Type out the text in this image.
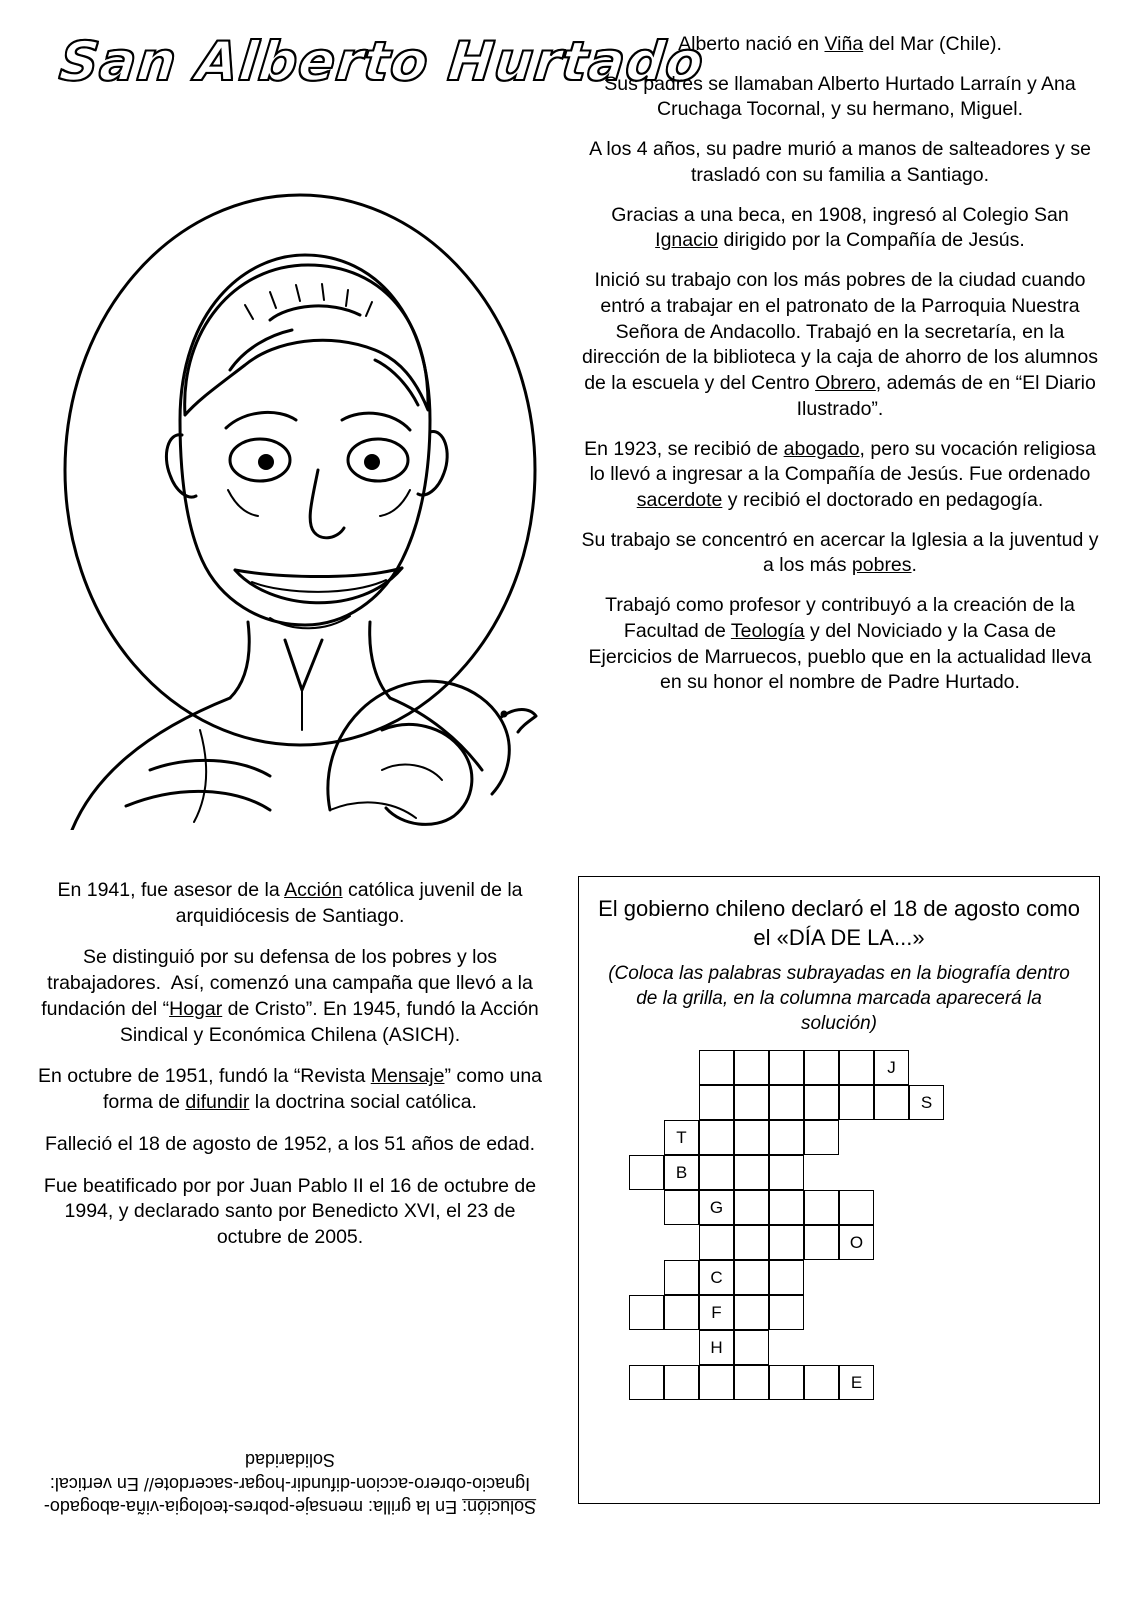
San Alberto Hurtado

Alberto nació en Viña del Mar (Chile).

Sus padres se llamaban Alberto Hurtado Larraín y Ana Cruchaga Tocornal, y su hermano, Miguel.

A los 4 años, su padre murió a manos de salteadores y se trasladó con su familia a Santiago.

Gracias a una beca, en 1908, ingresó al Colegio San Ignacio dirigido por la Compañía de Jesús.

Inició su trabajo con los más pobres de la ciudad cuando entró a trabajar en el patronato de la Parroquia Nuestra Señora de Andacollo. Trabajó en la secretaría, en la dirección de la biblioteca y la caja de ahorro de los alumnos de la escuela y del Centro Obrero, además de en “El Diario Ilustrado”.

En 1923, se recibió de abogado, pero su vocación religiosa lo llevó a ingresar a la Compañía de Jesús. Fue ordenado sacerdote y recibió el doctorado en pedagogía.

Su trabajo se concentró en acercar la Iglesia a la juventud y a los más pobres.

Trabajó como profesor y contribuyó a la creación de la Facultad de Teología y del Noviciado y la Casa de Ejercicios de Marruecos, pueblo que en la actualidad lleva en su honor el nombre de Padre Hurtado.

En 1941, fue asesor de la Acción católica juvenil de la arquidiócesis de Santiago.

Se distinguió por su defensa de los pobres y los trabajadores.  Así, comenzó una campaña que llevó a la fundación del “Hogar de Cristo”. En 1945, fundó la Acción Sindical y Económica Chilena (ASICH).

En octubre de 1951, fundó la “Revista Mensaje” como una forma de difundir la doctrina social católica.

Falleció el 18 de agosto de 1952, a los 51 años de edad.

Fue beatificado por por Juan Pablo II el 16 de octubre de 1994, y declarado santo por Benedicto XVI, el 23 de octubre de 2005.

Solución: En la grilla: mensaje-pobres-teologia-viña-abogado-Ignacio-obrero-accion-difundir-hogar-sacerdote// En vertical: Solidaridad
El gobierno chileno declaró el 18 de agosto como el «DÍA DE LA...»
(Coloca las palabras subrayadas en la biografía dentro de la grilla, en la columna marcada aparecerá la solución)
J
S
T
B
G
O
C
F
H
E
